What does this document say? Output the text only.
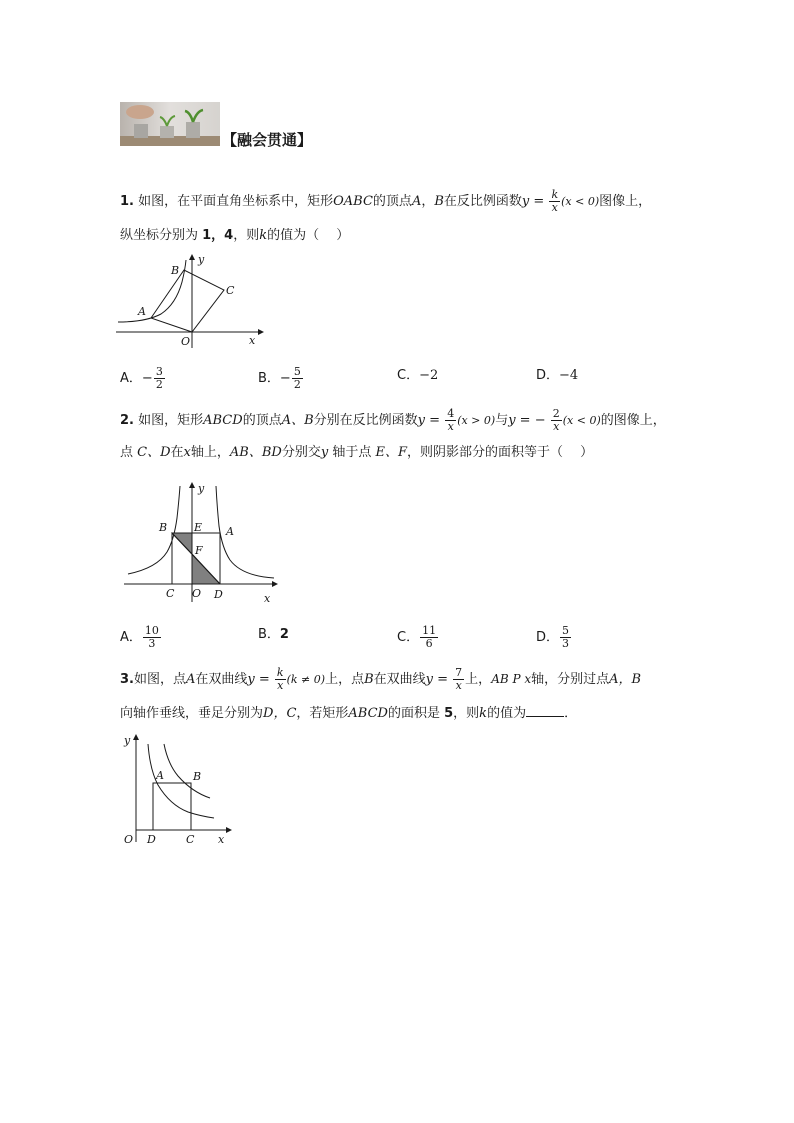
【融会贯通】
1. 如图，在平面直角坐标系中，矩形OABC的顶点A，B在反比例函数$y = \frac{k}{x} (x < 0)$图像上，
纵坐标分别为 1，4，则k的值为（　 ）
B
y
C
A
O	x
A．− $\frac{3}{2}$	B．− $\frac{5}{2}$	C．−2	D．−4
2. 如图，矩形ABCD的顶点A、B分别在反比例函数$y = \frac{4}{x} (x > 0)$与y = − $\frac{2}{x} (x < 0)$的图像上，
点 C、D在x轴上，AB、BD分别交y 轴于点 E、F，则阴影部分的面积等于（　 ）
y
B E A
F
C O D	x
A． $\frac{10}{3}$	B．2	C． $\frac{11}{6}$	D． $\frac{5}{3}$
3.如图，点A在双曲线$y = \frac{k}{x} (k \ne 0)$上，点B在双曲线$y = \frac{7}{x}$ 上，AB P x轴，分别过点A，B
向轴作垂线，垂足分别为D，C，若矩形ABCD的面积是 5，则k的值为	．
y
A	B
O D	C x
